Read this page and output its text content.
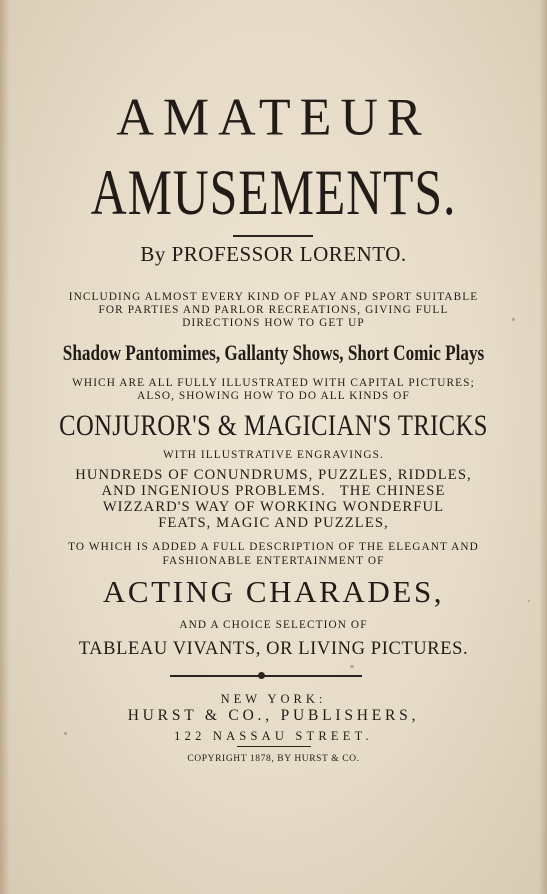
AMATEUR
AMUSEMENTS.
By PROFESSOR LORENTO.
INCLUDING ALMOST EVERY KIND OF PLAY AND SPORT SUITABLE
FOR PARTIES AND PARLOR RECREATIONS, GIVING FULL
DIRECTIONS HOW TO GET UP
Shadow Pantomimes, Gallanty Shows, Short Comic Plays
WHICH ARE ALL FULLY ILLUSTRATED WITH CAPITAL PICTURES;
ALSO, SHOWING HOW TO DO ALL KINDS OF
CONJUROR'S & MAGICIAN'S TRICKS
WITH ILLUSTRATIVE ENGRAVINGS.
HUNDREDS OF CONUNDRUMS, PUZZLES, RIDDLES,
AND INGENIOUS PROBLEMS.   THE CHINESE
WIZZARD'S WAY OF WORKING WONDERFUL
FEATS, MAGIC AND PUZZLES,
TO WHICH IS ADDED A FULL DESCRIPTION OF THE ELEGANT AND
FASHIONABLE ENTERTAINMENT OF
ACTING CHARADES,
AND A CHOICE SELECTION OF
TABLEAU VIVANTS, OR LIVING PICTURES.
NEW YORK:
HURST & CO., PUBLISHERS,
122 NASSAU STREET.
COPYRIGHT 1878, BY HURST & CO.
